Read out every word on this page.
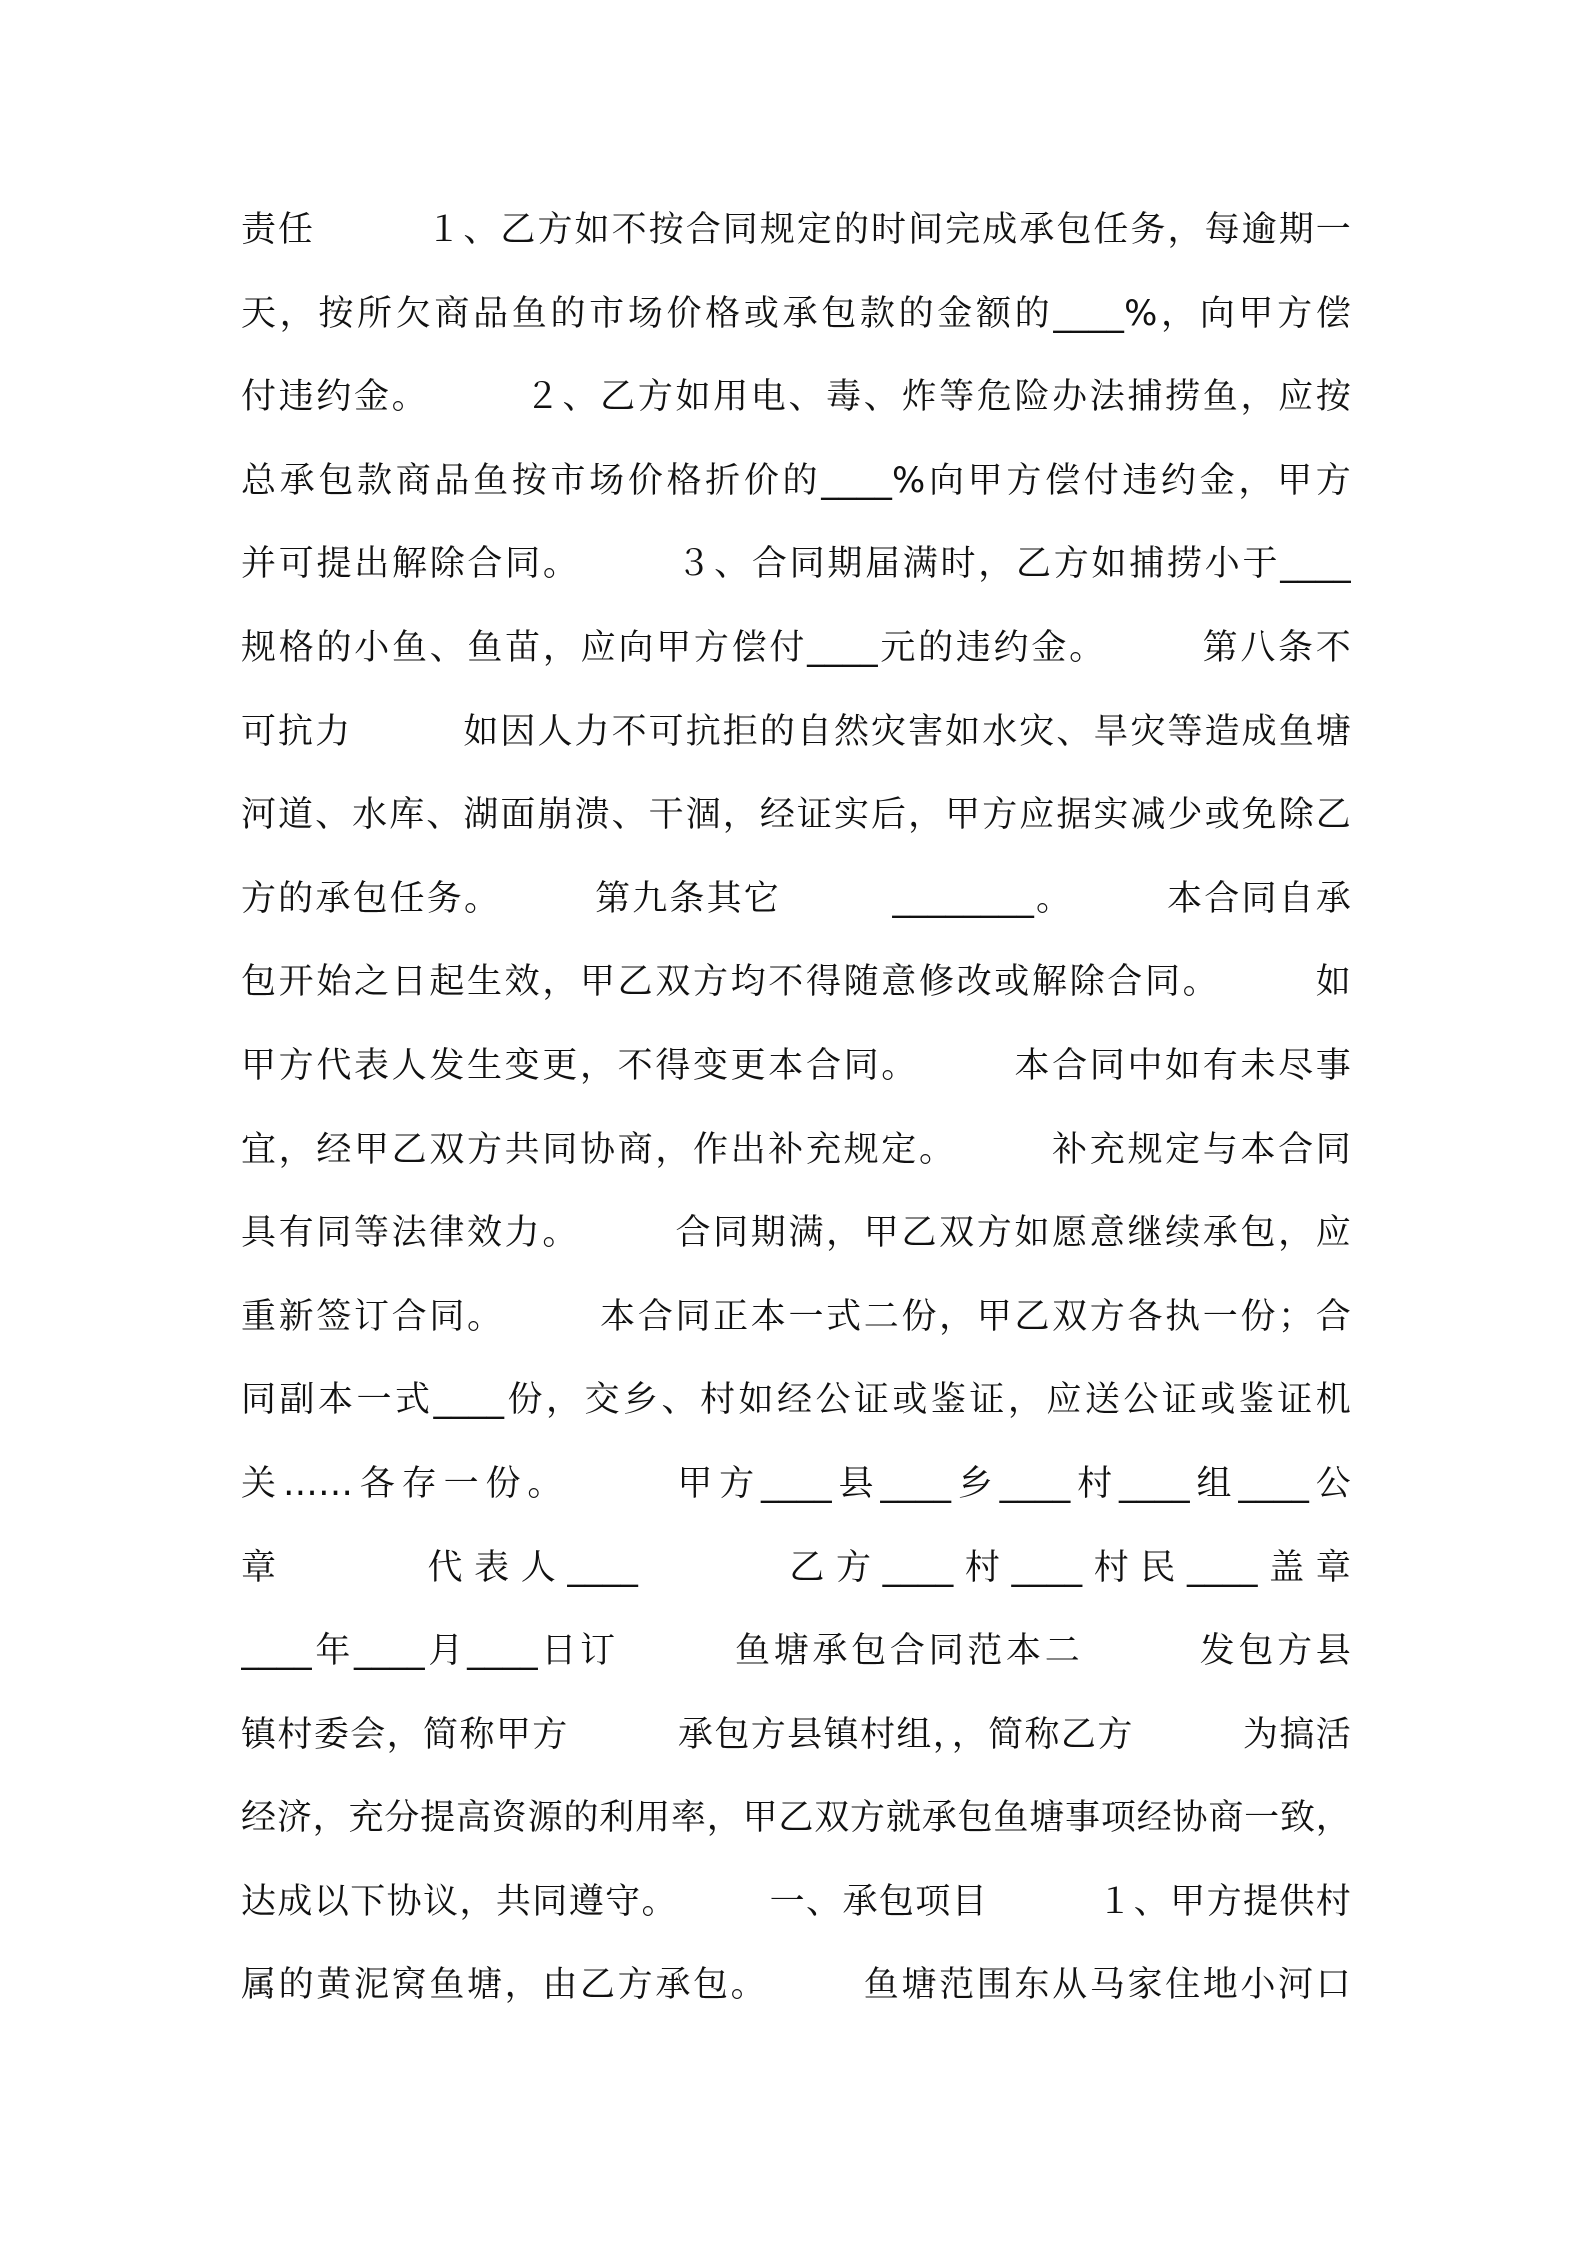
责任　　　１、乙方如不按合同规定的时间完成承包任务，每逾期一
天，按所欠商品鱼的市场价格或承包款的金额的____%，向甲方偿
付违约金。　　　２、乙方如用电、毒、炸等危险办法捕捞鱼，应按
总承包款商品鱼按市场价格折价的____%向甲方偿付违约金，甲方
并可提出解除合同。　　　３、合同期届满时，乙方如捕捞小于____
规格的小鱼、鱼苗，应向甲方偿付____元的违约金。　　　第八条不
可抗力　　　如因人力不可抗拒的自然灾害如水灾、旱灾等造成鱼塘
河道、水库、湖面崩溃、干涸，经证实后，甲方应据实减少或免除乙
方的承包任务。　　　第九条其它　　　________。　　　本合同自承
包开始之日起生效，甲乙双方均不得随意修改或解除合同。　　　如
甲方代表人发生变更，不得变更本合同。　　　本合同中如有未尽事
宜，经甲乙双方共同协商，作出补充规定。　　　补充规定与本合同
具有同等法律效力。　　　合同期满，甲乙双方如愿意继续承包，应
重新签订合同。　　　本合同正本一式二份，甲乙双方各执一份；合
同副本一式____份，交乡、村如经公证或鉴证，应送公证或鉴证机
关……各存一份。　　　甲方____县____乡____村____组____公
章　　　代表人____　　　乙方____村____村民____盖章
____年____月____日订　　　鱼塘承包合同范本二　　　发包方县
镇村委会，简称甲方　　　承包方县镇村组，，简称乙方　　　为搞活
经济，充分提高资源的利用率，甲乙双方就承包鱼塘事项经协商一致，
达成以下协议，共同遵守。　　　一、承包项目　　　１、甲方提供村
属的黄泥窝鱼塘，由乙方承包。　　　鱼塘范围东从马家住地小河口
